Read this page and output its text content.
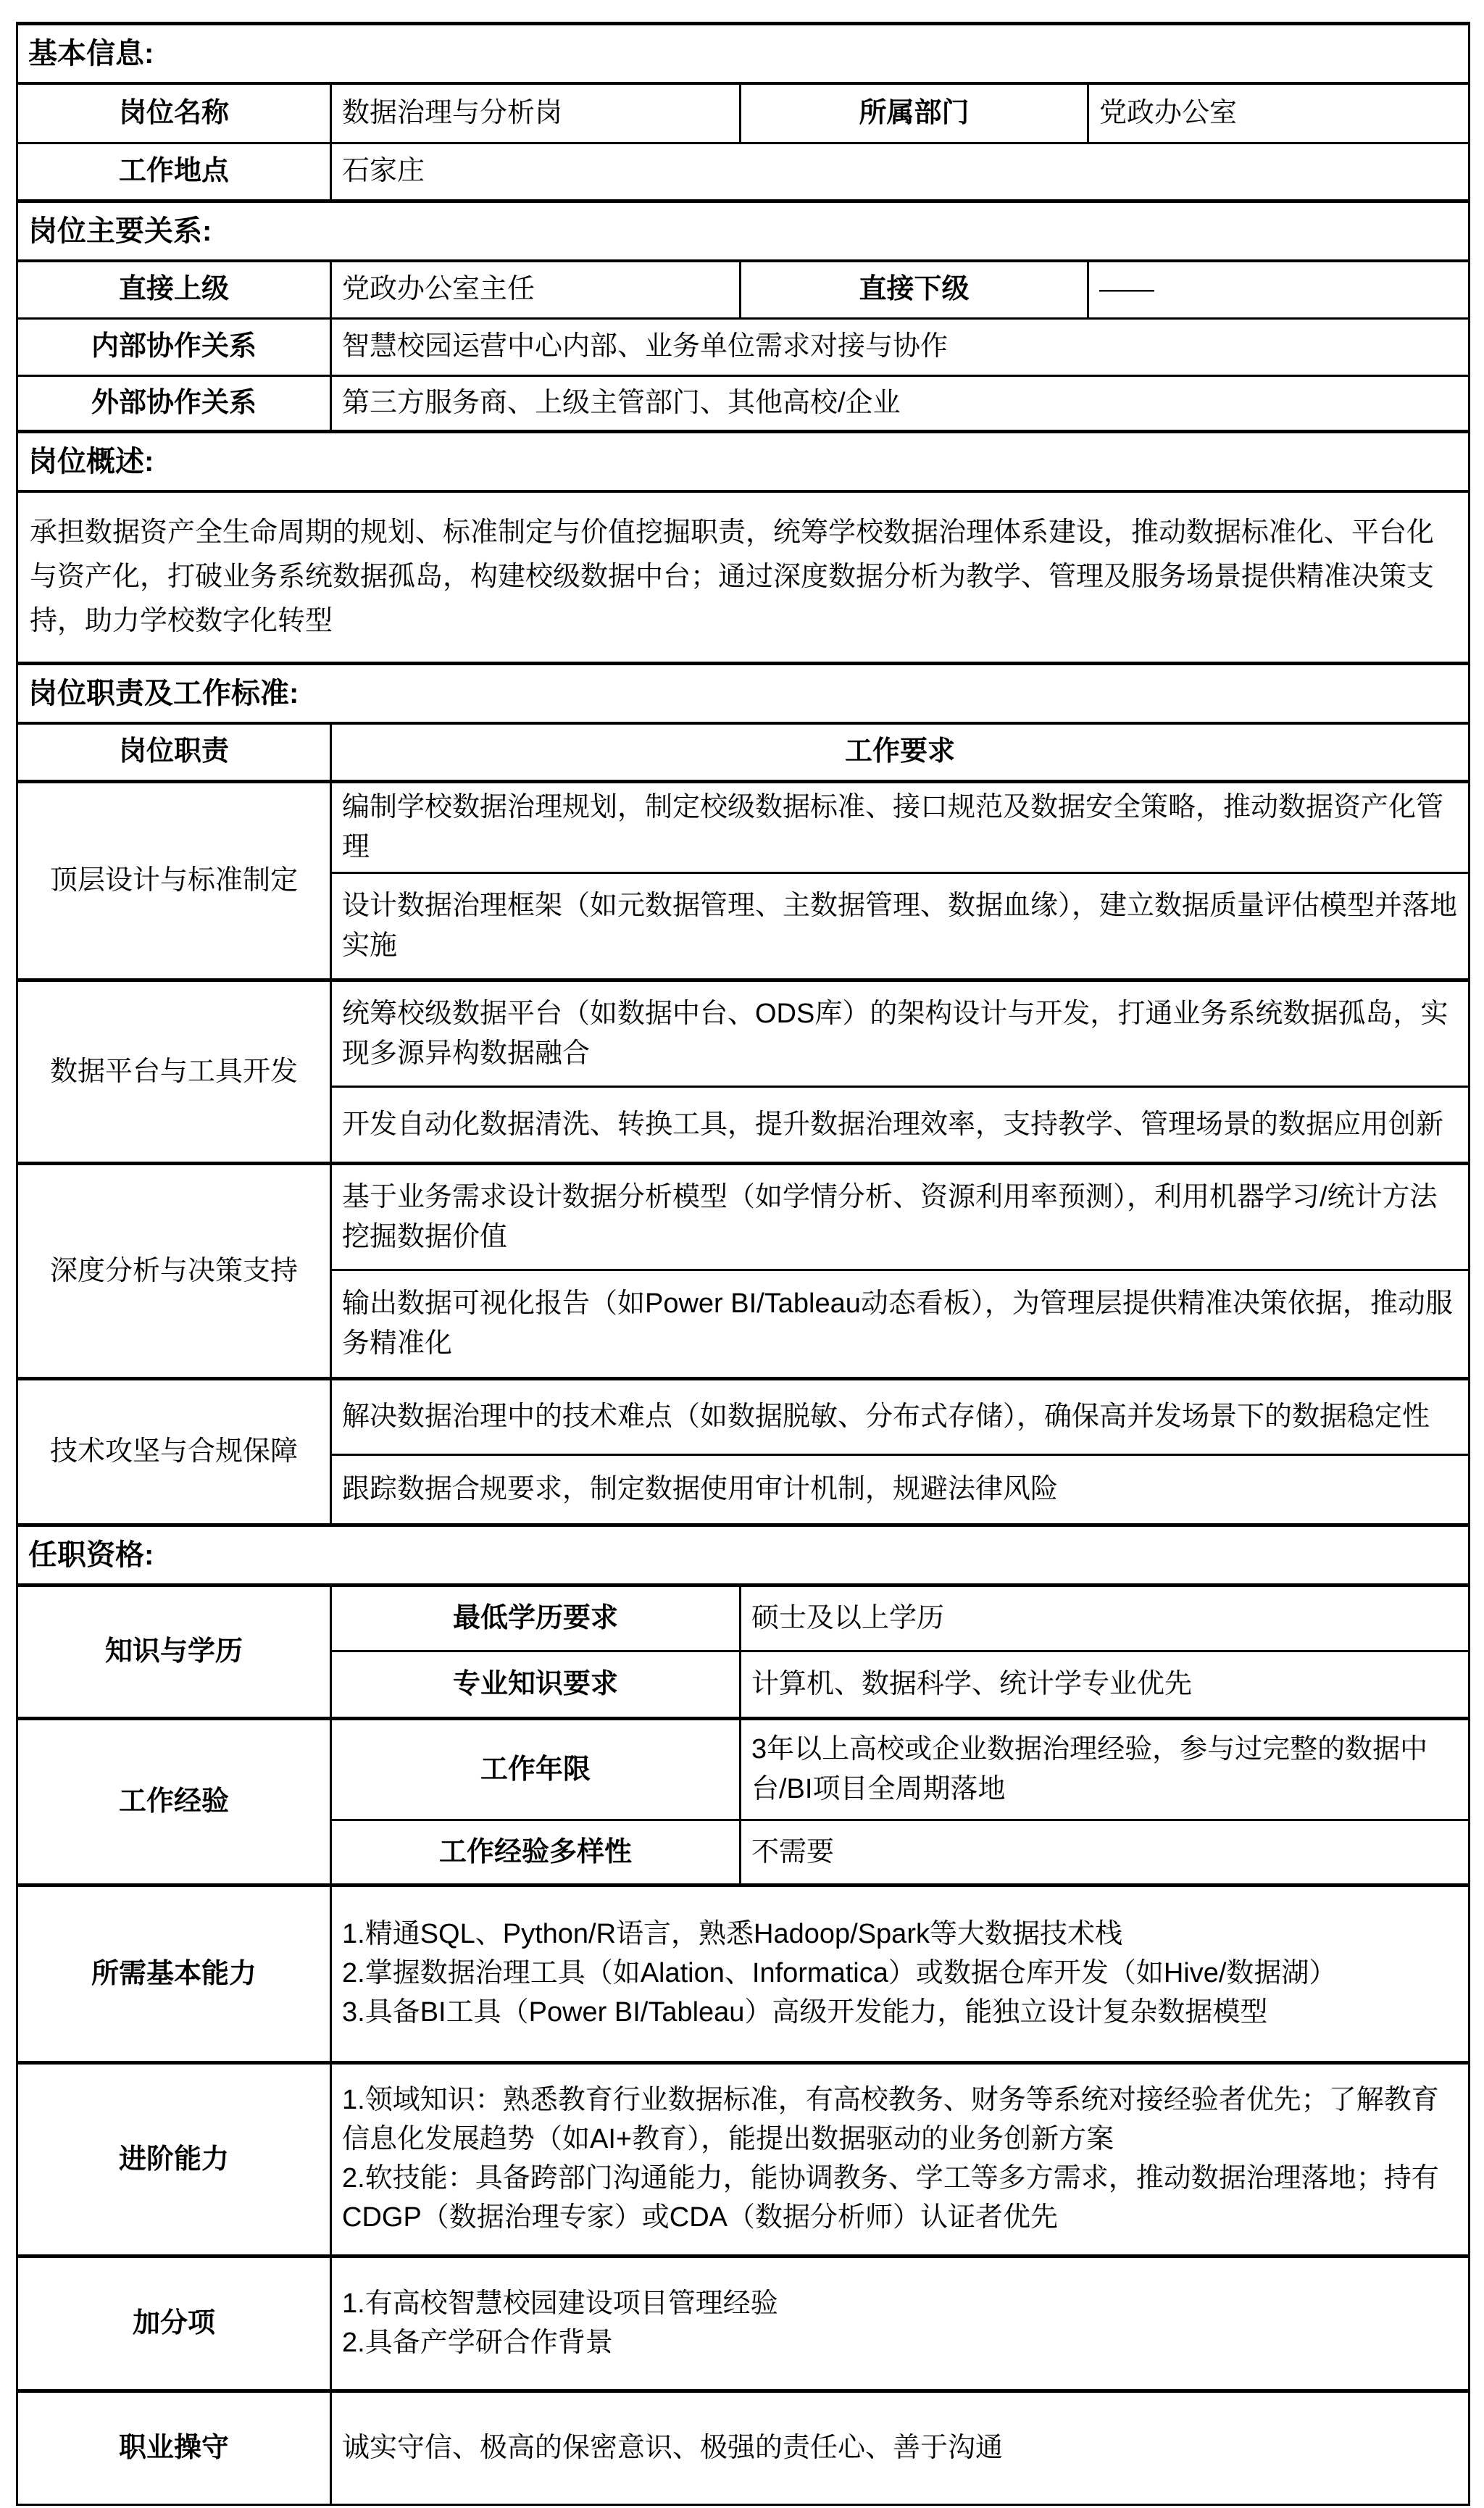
基本信息:			
岗位名称	数据治理与分析岗	所属部门	党政办公室
工作地点	石家庄		
岗位主要关系:			
直接上级	党政办公室主任	直接下级	——
内部协作关系	智慧校园运营中心内部、业务单位需求对接与协作		
外部协作关系	第三方服务商、上级主管部门、其他高校/企业		
岗位概述:			
承担数据资产全生命周期的规划、标准制定与价值挖掘职责，统筹学校数据治理体系建设，推动数据标准化、平台化与资产化，打破业务系统数据孤岛，构建校级数据中台；通过深度数据分析为教学、管理及服务场景提供精准决策支持，助力学校数字化转型			
岗位职责及工作标准:			
岗位职责	工作要求		
顶层设计与标准制定	编制学校数据治理规划，制定校级数据标准、接口规范及数据安全策略，推动数据资产化管理		
	设计数据治理框架（如元数据管理、主数据管理、数据血缘），建立数据质量评估模型并落地实施		
数据平台与工具开发	统筹校级数据平台（如数据中台、ODS库）的架构设计与开发，打通业务系统数据孤岛，实现多源异构数据融合		
	开发自动化数据清洗、转换工具，提升数据治理效率，支持教学、管理场景的数据应用创新		
深度分析与决策支持	基于业务需求设计数据分析模型（如学情分析、资源利用率预测），利用机器学习/统计方法挖掘数据价值		
	输出数据可视化报告（如Power BI/Tableau动态看板），为管理层提供精准决策依据，推动服务精准化		
技术攻坚与合规保障	解决数据治理中的技术难点（如数据脱敏、分布式存储），确保高并发场景下的数据稳定性		
	跟踪数据合规要求，制定数据使用审计机制，规避法律风险		
任职资格:			
知识与学历	最低学历要求	硕士及以上学历	
	专业知识要求	计算机、数据科学、统计学专业优先	
工作经验	工作年限	3年以上高校或企业数据治理经验，参与过完整的数据中台/BI项目全周期落地	
	工作经验多样性	不需要	
所需基本能力	1.精通SQL、Python/R语言，熟悉Hadoop/Spark等大数据技术栈
2.掌握数据治理工具（如Alation、Informatica）或数据仓库开发（如Hive/数据湖）
3.具备BI工具（Power BI/Tableau）高级开发能力，能独立设计复杂数据模型		

进阶能力	1.领域知识：熟悉教育行业数据标准，有高校教务、财务等系统对接经验者优先；了解教育信息化发展趋势（如AI+教育），能提出数据驱动的业务创新方案
2.软技能：具备跨部门沟通能力，能协调教务、学工等多方需求，推动数据治理落地；持有CDGP（数据治理专家）或CDA（数据分析师）认证者优先		

加分项	1.有高校智慧校园建设项目管理经验
2.具备产学研合作背景		

职业操守	诚实守信、极高的保密意识、极强的责任心、善于沟通		
